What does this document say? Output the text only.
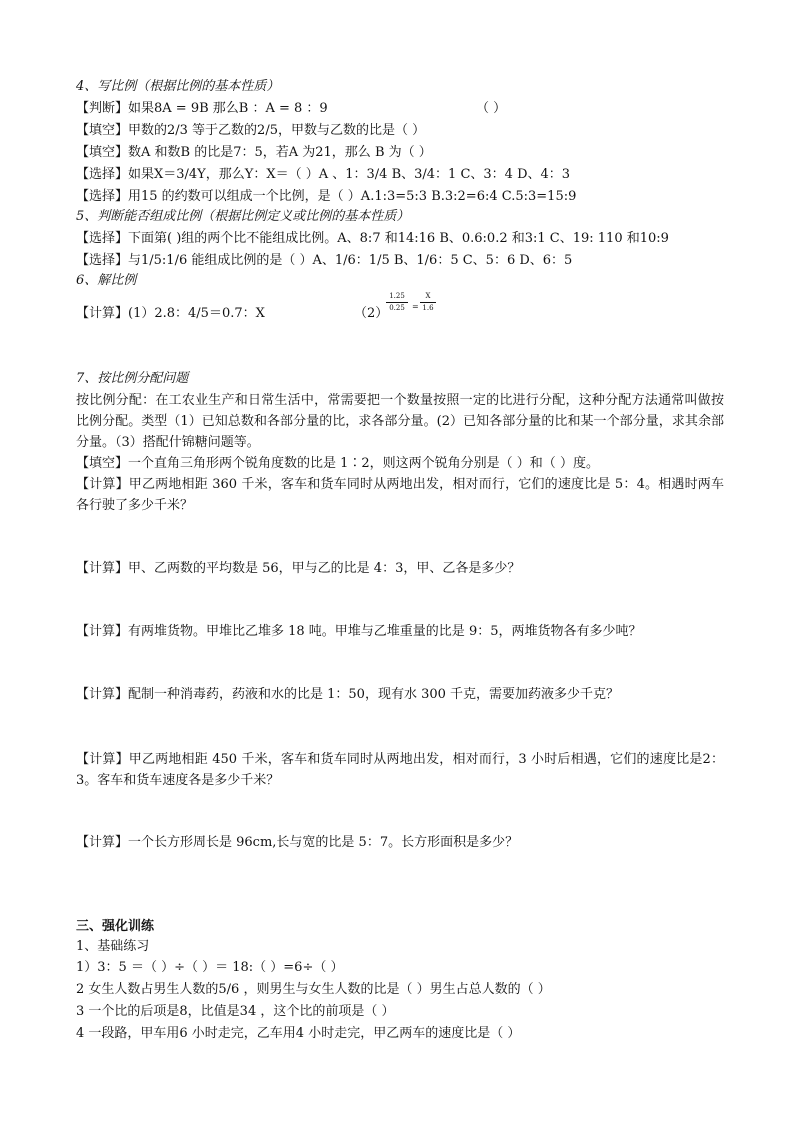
4、写比例（根据比例的基本性质）
【判断】如果8A = 9B 那么B ：A = 8 ：9	（ ）
【填空】甲数的2/3 等于乙数的2/5，甲数与乙数的比是（ ）
【填空】数A 和数B 的比是7：5，若A 为21，那么 B 为（ ）
【选择】如果X＝3/4Y，那么Y：X＝（ ）A 、1：3/4 B、3/4：1 C、3：4 D、4：3
【选择】用15 的约数可以组成一个比例，是（ ）A.1:3=5:3 B.3:2=6:4 C.5:3=15:9
5、判断能否组成比例（根据比例定义或比例的基本性质）
【选择】下面第( )组的两个比不能组成比例。A、8:7 和14:16 B、0.6:0.2 和3:1 C、19: 110 和10:9
【选择】与1/5:1/6 能组成比例的是（ ）A、1/6：1/5 B、1/6：5 C、5：6 D、6：5
6、解比例
【计算】(1）2.8：4/5＝0.7：X	（2）
1.25
0.25 =
X
1.6
7、按比例分配问题
按比例分配：在工农业生产和日常生活中，常需要把一个数量按照一定的比进行分配，这种分配方法通常叫做按比例分配。类型（1）已知总数和各部分量的比，求各部分量。(2）已知各部分量的比和某一个部分量，求其余部分量。（3）搭配什锦糖问题等。
【填空】一个直角三角形两个锐角度数的比是 1∶2，则这两个锐角分别是（ ）和（ ）度。
【计算】甲乙两地相距 360 千米，客车和货车同时从两地出发，相对而行，它们的速度比是 5：4。相遇时两车各行驶了多少千米？
【计算】甲、乙两数的平均数是 56，甲与乙的比是 4：3，甲、乙各是多少？
【计算】有两堆货物。甲堆比乙堆多 18 吨。甲堆与乙堆重量的比是 9：5，两堆货物各有多少吨？
【计算】配制一种消毒药，药液和水的比是 1：50，现有水 300 千克，需要加药液多少千克？
【计算】甲乙两地相距 450 千米，客车和货车同时从两地出发，相对而行，3 小时后相遇，它们的速度比是2：3。客车和货车速度各是多少千米？
【计算】一个长方形周长是 96cm,长与宽的比是 5：7。长方形面积是多少？
三、强化训练
1、基础练习
1）3：5 ＝（ ）÷（ ）＝ 18:（ ）=6÷（ ）
2 女生人数占男生人数的5/6 ，则男生与女生人数的比是（ ）男生占总人数的（ ）
3 一个比的后项是8，比值是34 ，这个比的前项是（ ）
4 一段路，甲车用6 小时走完，乙车用4 小时走完，甲乙两车的速度比是（ ）
